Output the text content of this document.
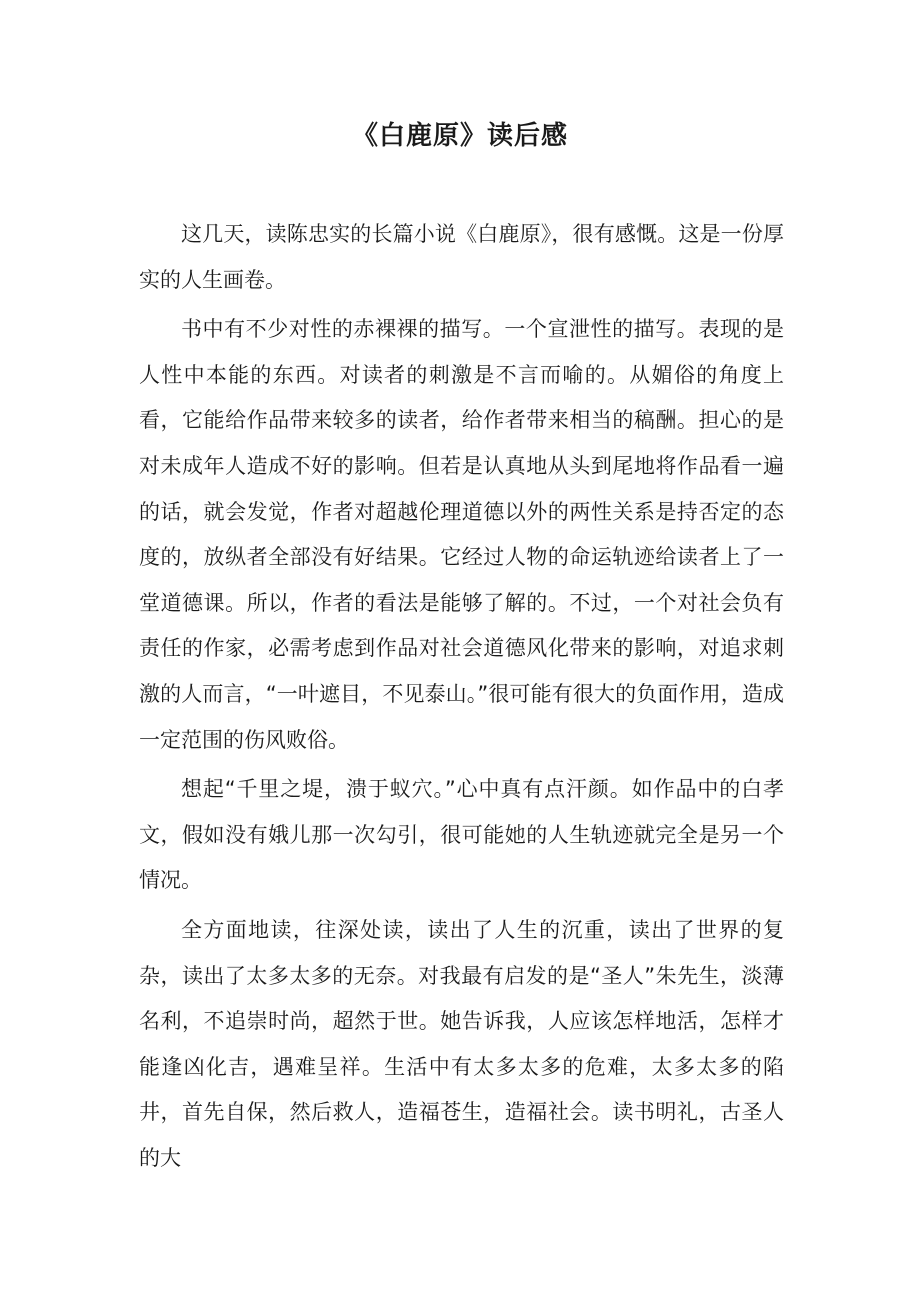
《白鹿原》读后感

这几天，读陈忠实的长篇小说《白鹿原》，很有感慨。这是一份厚实的人生画卷。

书中有不少对性的赤裸裸的描写。一个宣泄性的描写。表现的是人性中本能的东西。对读者的刺激是不言而喻的。从媚俗的角度上看，它能给作品带来较多的读者，给作者带来相当的稿酬。担心的是对未成年人造成不好的影响。但若是认真地从头到尾地将作品看一遍的话，就会发觉，作者对超越伦理道德以外的两性关系是持否定的态度的，放纵者全部没有好结果。它经过人物的命运轨迹给读者上了一堂道德课。所以，作者的看法是能够了解的。不过，一个对社会负有责任的作家，必需考虑到作品对社会道德风化带来的影响，对追求刺激的人而言，“一叶遮目，不见泰山。”很可能有很大的负面作用，造成一定范围的伤风败俗。

想起“千里之堤，溃于蚁穴。”心中真有点汗颜。如作品中的白孝文，假如没有娥儿那一次勾引，很可能她的人生轨迹就完全是另一个情况。

全方面地读，往深处读，读出了人生的沉重，读出了世界的复杂，读出了太多太多的无奈。对我最有启发的是“圣人”朱先生，淡薄名利，不追崇时尚，超然于世。她告诉我，人应该怎样地活，怎样才能逢凶化吉，遇难呈祥。生活中有太多太多的危难，太多太多的陷井，首先自保，然后救人，造福苍生，造福社会。读书明礼，古圣人的大
